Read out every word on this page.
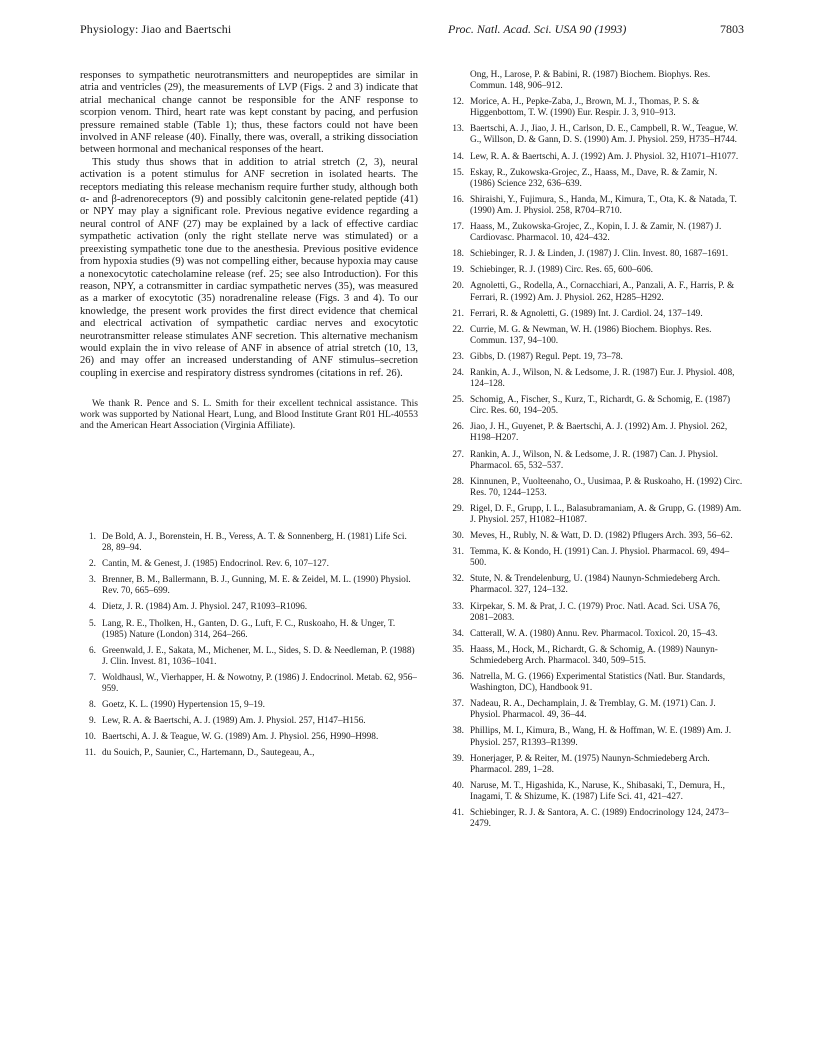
Physiology: Jiao and Baertschi	Proc. Natl. Acad. Sci. USA 90 (1993)	7803

responses to sympathetic neurotransmitters and neuropeptides are similar in atria and ventricles (29), the measurements of LVP (Figs. 2 and 3) indicate that atrial mechanical change cannot be responsible for the ANF response to scorpion venom. Third, heart rate was kept constant by pacing, and perfusion pressure remained stable (Table 1); thus, these factors could not have been involved in ANF release (40). Finally, there was, overall, a striking dissociation between hormonal and mechanical responses of the heart.

This study thus shows that in addition to atrial stretch (2, 3), neural activation is a potent stimulus for ANF secretion in isolated hearts. The receptors mediating this release mechanism require further study, although both α- and β-adrenoreceptors (9) and possibly calcitonin gene-related peptide (41) or NPY may play a significant role. Previous negative evidence regarding a neural control of ANF (27) may be explained by a lack of effective cardiac sympathetic activation (only the right stellate nerve was stimulated) or a preexisting sympathetic tone due to the anesthesia. Previous positive evidence from hypoxia studies (9) was not compelling either, because hypoxia may cause a nonexocytotic catecholamine release (ref. 25; see also Introduction). For this reason, NPY, a cotransmitter in cardiac sympathetic nerves (35), was measured as a marker of exocytotic (35) noradrenaline release (Figs. 3 and 4). To our knowledge, the present work provides the first direct evidence that chemical and electrical activation of sympathetic cardiac nerves and exocytotic neurotransmitter release stimulates ANF secretion. This alternative mechanism would explain the in vivo release of ANF in absence of atrial stretch (10, 13, 26) and may offer an increased understanding of ANF stimulus–secretion coupling in exercise and respiratory distress syndromes (citations in ref. 26).

We thank R. Pence and S. L. Smith for their excellent technical assistance. This work was supported by National Heart, Lung, and Blood Institute Grant R01 HL-40553 and the American Heart Association (Virginia Affiliate).

1. De Bold, A. J., Borenstein, H. B., Veress, A. T. & Sonnenberg, H. (1981) Life Sci. 28, 89–94.
2. Cantin, M. & Genest, J. (1985) Endocrinol. Rev. 6, 107–127.
3. Brenner, B. M., Ballermann, B. J., Gunning, M. E. & Zeidel, M. L. (1990) Physiol. Rev. 70, 665–699.
4. Dietz, J. R. (1984) Am. J. Physiol. 247, R1093–R1096.
5. Lang, R. E., Tholken, H., Ganten, D. G., Luft, F. C., Ruskoaho, H. & Unger, T. (1985) Nature (London) 314, 264–266.
6. Greenwald, J. E., Sakata, M., Michener, M. L., Sides, S. D. & Needleman, P. (1988) J. Clin. Invest. 81, 1036–1041.
7. Woldhausl, W., Vierhapper, H. & Nowotny, P. (1986) J. Endocrinol. Metab. 62, 956–959.
8. Goetz, K. L. (1990) Hypertension 15, 9–19.
9. Lew, R. A. & Baertschi, A. J. (1989) Am. J. Physiol. 257, H147–H156.
10. Baertschi, A. J. & Teague, W. G. (1989) Am. J. Physiol. 256, H990–H998.
11. du Souich, P., Saunier, C., Hartemann, D., Sautegeau, A.,
Ong, H., Larose, P. & Babini, R. (1987) Biochem. Biophys. Res. Commun. 148, 906–912.
12. Morice, A. H., Pepke-Zaba, J., Brown, M. J., Thomas, P. S. & Higgenbottom, T. W. (1990) Eur. Respir. J. 3, 910–913.
13. Baertschi, A. J., Jiao, J. H., Carlson, D. E., Campbell, R. W., Teague, W. G., Willson, D. & Gann, D. S. (1990) Am. J. Physiol. 259, H735–H744.
14. Lew, R. A. & Baertschi, A. J. (1992) Am. J. Physiol. 32, H1071–H1077.
15. Eskay, R., Zukowska-Grojec, Z., Haass, M., Dave, R. & Zamir, N. (1986) Science 232, 636–639.
16. Shiraishi, Y., Fujimura, S., Handa, M., Kimura, T., Ota, K. & Natada, T. (1990) Am. J. Physiol. 258, R704–R710.
17. Haass, M., Zukowska-Grojec, Z., Kopin, I. J. & Zamir, N. (1987) J. Cardiovasc. Pharmacol. 10, 424–432.
18. Schiebinger, R. J. & Linden, J. (1987) J. Clin. Invest. 80, 1687–1691.
19. Schiebinger, R. J. (1989) Circ. Res. 65, 600–606.
20. Agnoletti, G., Rodella, A., Cornacchiari, A., Panzali, A. F., Harris, P. & Ferrari, R. (1992) Am. J. Physiol. 262, H285–H292.
21. Ferrari, R. & Agnoletti, G. (1989) Int. J. Cardiol. 24, 137–149.
22. Currie, M. G. & Newman, W. H. (1986) Biochem. Biophys. Res. Commun. 137, 94–100.
23. Gibbs, D. (1987) Regul. Pept. 19, 73–78.
24. Rankin, A. J., Wilson, N. & Ledsome, J. R. (1987) Eur. J. Physiol. 408, 124–128.
25. Schomig, A., Fischer, S., Kurz, T., Richardt, G. & Schomig, E. (1987) Circ. Res. 60, 194–205.
26. Jiao, J. H., Guyenet, P. & Baertschi, A. J. (1992) Am. J. Physiol. 262, H198–H207.
27. Rankin, A. J., Wilson, N. & Ledsome, J. R. (1987) Can. J. Physiol. Pharmacol. 65, 532–537.
28. Kinnunen, P., Vuolteenaho, O., Uusimaa, P. & Ruskoaho, H. (1992) Circ. Res. 70, 1244–1253.
29. Rigel, D. F., Grupp, I. L., Balasubramaniam, A. & Grupp, G. (1989) Am. J. Physiol. 257, H1082–H1087.
30. Meves, H., Rubly, N. & Watt, D. D. (1982) Pflugers Arch. 393, 56–62.
31. Temma, K. & Kondo, H. (1991) Can. J. Physiol. Pharmacol. 69, 494–500.
32. Stute, N. & Trendelenburg, U. (1984) Naunyn-Schmiedeberg Arch. Pharmacol. 327, 124–132.
33. Kirpekar, S. M. & Prat, J. C. (1979) Proc. Natl. Acad. Sci. USA 76, 2081–2083.
34. Catterall, W. A. (1980) Annu. Rev. Pharmacol. Toxicol. 20, 15–43.
35. Haass, M., Hock, M., Richardt, G. & Schomig, A. (1989) Naunyn-Schmiedeberg Arch. Pharmacol. 340, 509–515.
36. Natrella, M. G. (1966) Experimental Statistics (Natl. Bur. Standards, Washington, DC), Handbook 91.
37. Nadeau, R. A., Dechamplain, J. & Tremblay, G. M. (1971) Can. J. Physiol. Pharmacol. 49, 36–44.
38. Phillips, M. I., Kimura, B., Wang, H. & Hoffman, W. E. (1989) Am. J. Physiol. 257, R1393–R1399.
39. Honerjager, P. & Reiter, M. (1975) Naunyn-Schmiedeberg Arch. Pharmacol. 289, 1–28.
40. Naruse, M. T., Higashida, K., Naruse, K., Shibasaki, T., Demura, H., Inagami, T. & Shizume, K. (1987) Life Sci. 41, 421–427.
41. Schiebinger, R. J. & Santora, A. C. (1989) Endocrinology 124, 2473–2479.
